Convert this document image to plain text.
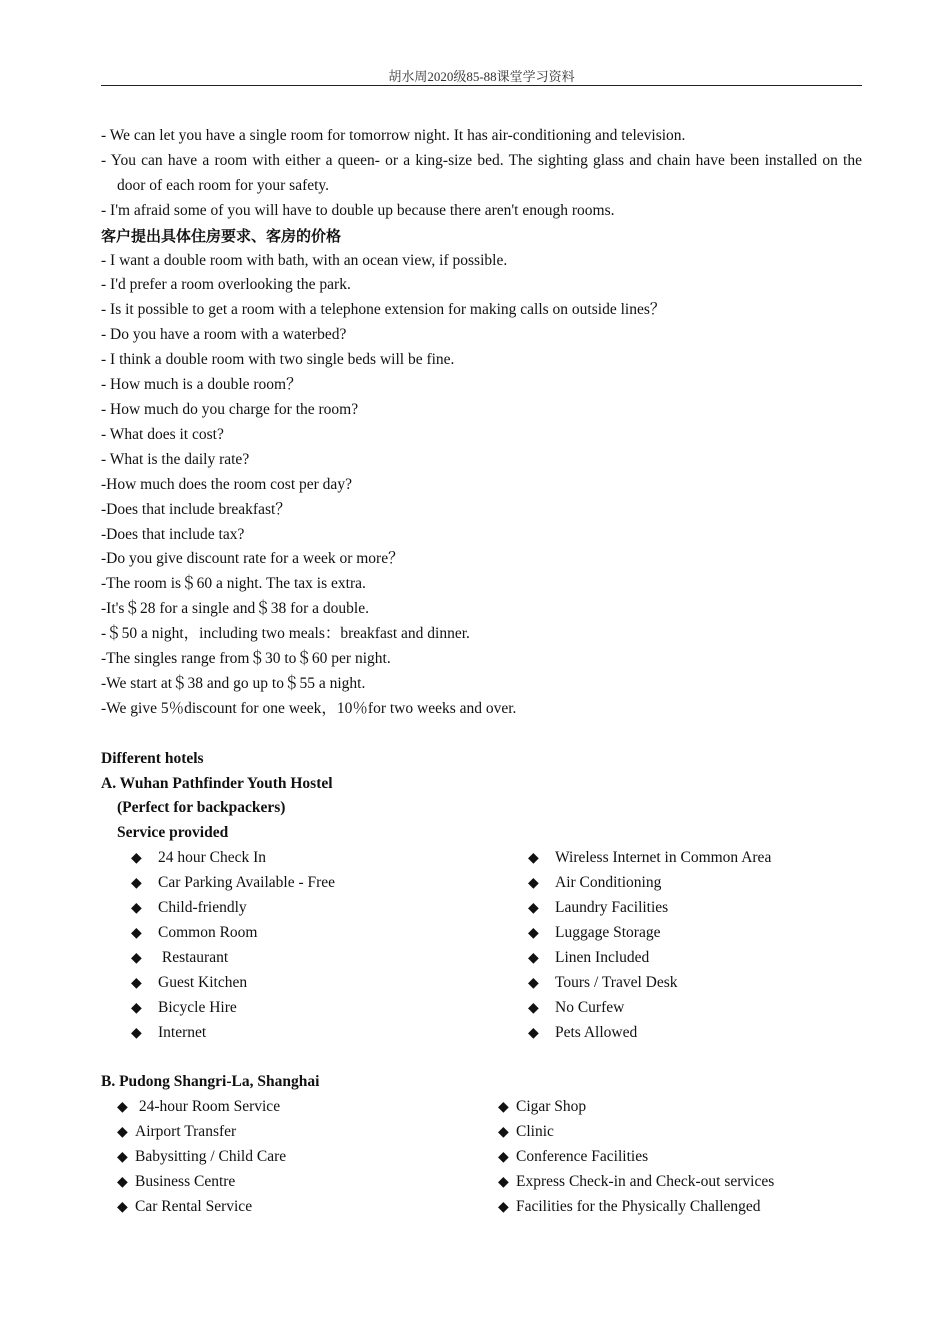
胡水周2020级85-88课堂学习资料
- We can let you have a single room for tomorrow night. It has air-conditioning and television.
- You can have a room with either a queen- or a king-size bed. The sighting glass and chain have been installed on the door of each room for your safety.
- I'm afraid some of you will have to double up because there aren't enough rooms.
客户提出具体住房要求、客房的价格
- I want a double room with bath, with an ocean view, if possible.
- I'd prefer a room overlooking the park.
- Is it possible to get a room with a telephone extension for making calls on outside lines？
- Do you have a room with a waterbed?
- I think a double room with two single beds will be fine.
- How much is a double room？
- How much do you charge for the room?
- What does it cost?
- What is the daily rate?
-How much does the room cost per day?
-Does that include breakfast？
-Does that include tax?
-Do you give discount rate for a week or more？
-The room is＄60 a night. The tax is extra.
-It's＄28 for a single and＄38 for a double.
-＄50 a night，including two meals：breakfast and dinner.
-The singles range from＄30 to＄60 per night.
-We start at＄38 and go up to＄55 a night.
-We give 5％discount for one week，10％for two weeks and over.
Different hotels
A. Wuhan Pathfinder Youth Hostel
(Perfect for backpackers)
Service provided
◆ 24 hour Check In
◆ Car Parking Available - Free
◆ Child-friendly
◆ Common Room
◆ Restaurant
◆ Guest Kitchen
◆ Bicycle Hire
◆ Internet
◆ Wireless Internet in Common Area
◆ Air Conditioning
◆ Laundry Facilities
◆ Luggage Storage
◆ Linen Included
◆ Tours / Travel Desk
◆ No Curfew
◆ Pets Allowed
B. Pudong Shangri-La, Shanghai
◆ 24-hour Room Service
◆ Airport Transfer
◆ Babysitting / Child Care
◆ Business Centre
◆ Car Rental Service
◆ Cigar Shop
◆ Clinic
◆ Conference Facilities
◆ Express Check-in and Check-out services
◆ Facilities for the Physically Challenged
